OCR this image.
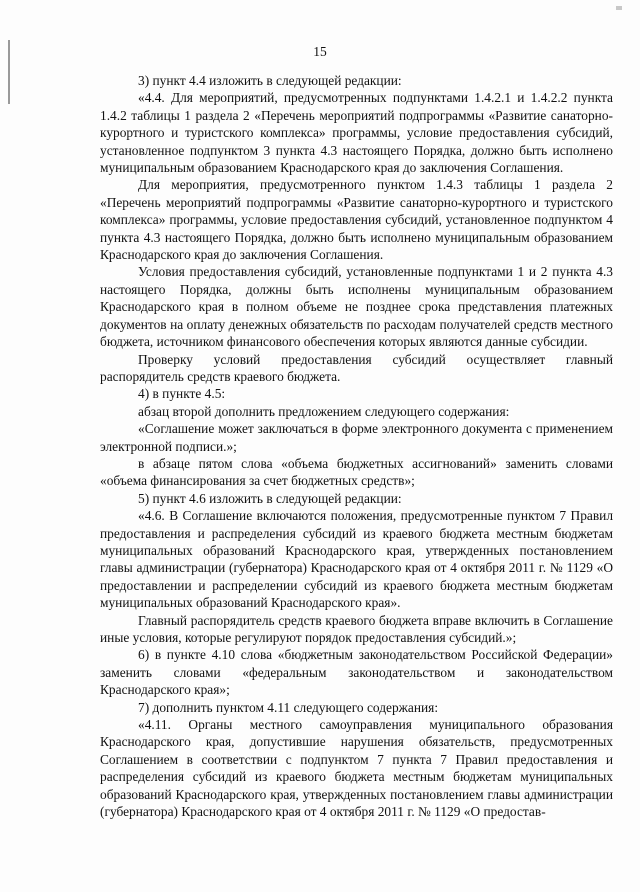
15

3) пункт 4.4 изложить в следующей редакции:

«4.4. Для мероприятий, предусмотренных подпунктами 1.4.2.1 и 1.4.2.2 пункта 1.4.2 таблицы 1 раздела 2 «Перечень мероприятий подпрограммы «Развитие санаторно-курортного и туристского комплекса» программы, условие предоставления субсидий, установленное подпунктом 3 пункта 4.3 настоящего Порядка, должно быть исполнено муниципальным образованием Краснодарского края до заключения Соглашения.

Для мероприятия, предусмотренного пунктом 1.4.3 таблицы 1 раздела 2 «Перечень мероприятий подпрограммы «Развитие санаторно-курортного и туристского комплекса» программы, условие предоставления субсидий, установленное подпунктом 4 пункта 4.3 настоящего Порядка, должно быть исполнено муниципальным образованием Краснодарского края до заключения Соглашения.

Условия предоставления субсидий, установленные подпунктами 1 и 2 пункта 4.3 настоящего Порядка, должны быть исполнены муниципальным образованием Краснодарского края в полном объеме не позднее срока представления платежных документов на оплату денежных обязательств по расходам получателей средств местного бюджета, источником финансового обеспечения которых являются данные субсидии.

Проверку условий предоставления субсидий осуществляет главный распорядитель средств краевого бюджета.

4) в пункте 4.5:

абзац второй дополнить предложением следующего содержания:

«Соглашение может заключаться в форме электронного документа с применением электронной подписи.»;

в абзаце пятом слова «объема бюджетных ассигнований» заменить словами «объема финансирования за счет бюджетных средств»;

5) пункт 4.6 изложить в следующей редакции:

«4.6. В Соглашение включаются положения, предусмотренные пунктом 7 Правил предоставления и распределения субсидий из краевого бюджета местным бюджетам муниципальных образований Краснодарского края, утвержденных постановлением главы администрации (губернатора) Краснодарского края от 4 октября 2011 г. № 1129 «О предоставлении и распределении субсидий из краевого бюджета местным бюджетам муниципальных образований Краснодарского края».

Главный распорядитель средств краевого бюджета вправе включить в Соглашение иные условия, которые регулируют порядок предоставления субсидий.»;

6) в пункте 4.10 слова «бюджетным законодательством Российской Федерации» заменить словами «федеральным законодательством и законодательством Краснодарского края»;

7) дополнить пунктом 4.11 следующего содержания:

«4.11. Органы местного самоуправления муниципального образования Краснодарского края, допустившие нарушения обязательств, предусмотренных Соглашением в соответствии с подпунктом 7 пункта 7 Правил предоставления и распределения субсидий из краевого бюджета местным бюджетам муниципальных образований Краснодарского края, утвержденных постановлением главы администрации (губернатора) Краснодарского края от 4 октября 2011 г. № 1129 «О предостав-
